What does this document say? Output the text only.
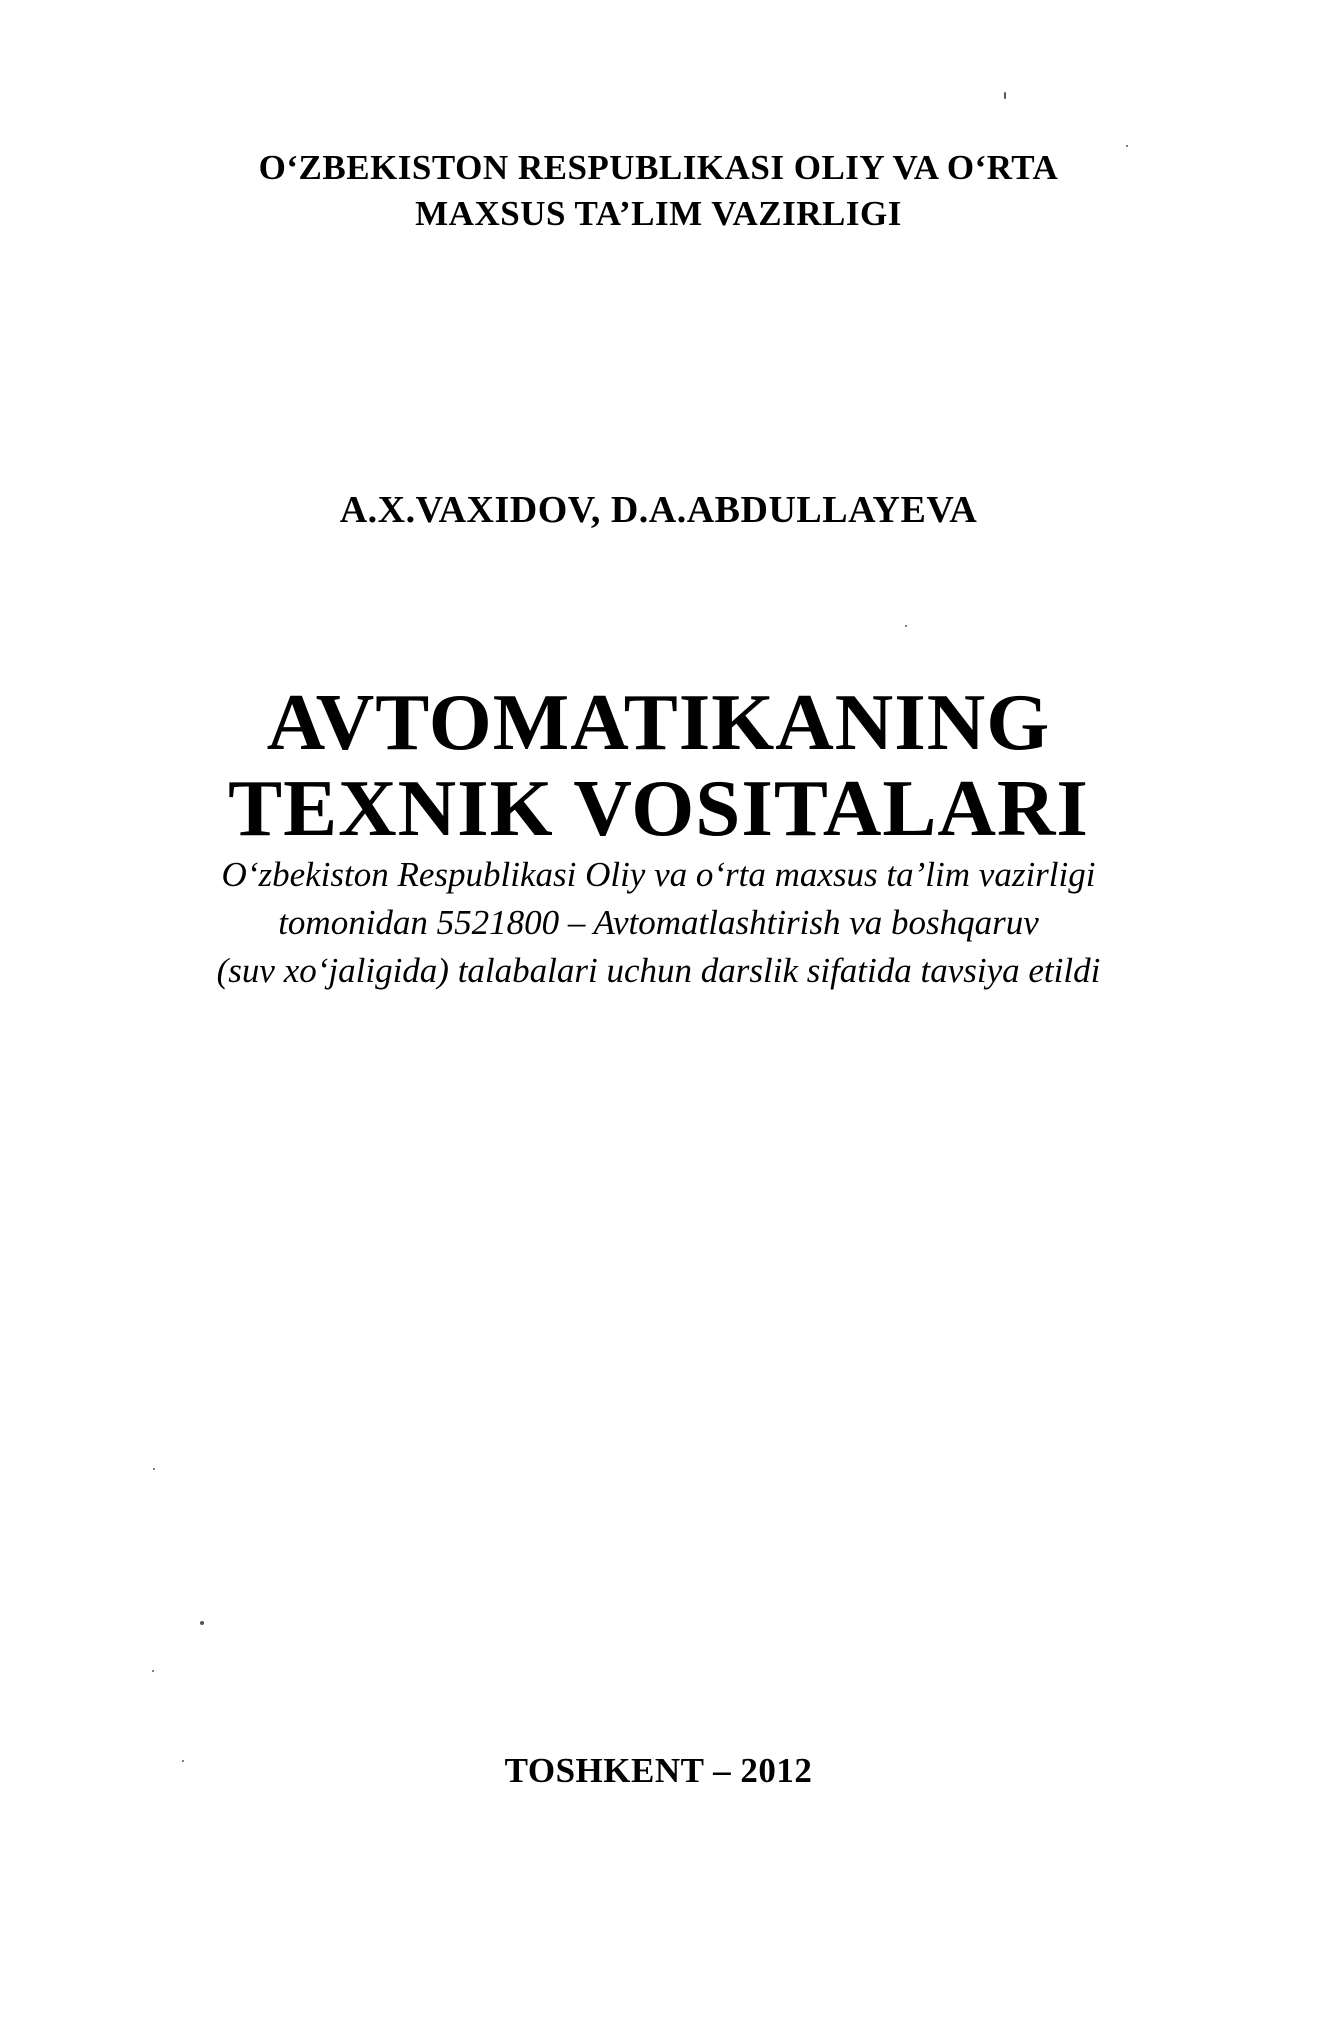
O‘ZBEKISTON RESPUBLIKASI OLIY VA O‘RTA
MAXSUS TA’LIM VAZIRLIGI
A.X.VAXIDOV, D.A.ABDULLAYEVA
AVTOMATIKANING
TEXNIK VOSITALARI
O‘zbekiston Respublikasi Oliy va o‘rta maxsus ta’lim vazirligi
tomonidan 5521800 – Avtomatlashtirish va boshqaruv
(suv xo‘jaligida) talabalari uchun darslik sifatida tavsiya etildi
TOSHKENT – 2012
